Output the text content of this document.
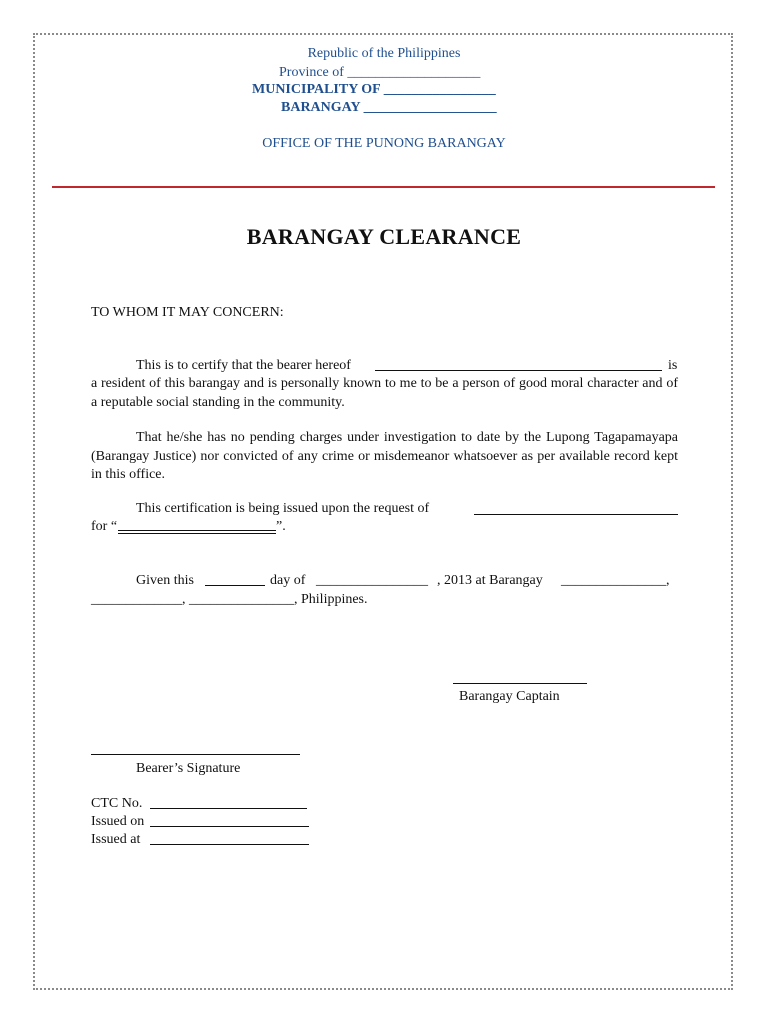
Republic of the Philippines
Province of ___________________
MUNICIPALITY OF ________________
BARANGAY ___________________
OFFICE OF THE PUNONG BARANGAY
BARANGAY CLEARANCE
TO WHOM IT MAY CONCERN:
This is to certify that the bearer hereof	is
a resident of this barangay and is personally known to me to be a person of good moral character and of a reputable social standing in the community.
That he/she has no pending charges under investigation to date by the Lupong Tagapamayapa (Barangay Justice) nor convicted of any crime or misdemeanor whatsoever as per available record kept in this office.
This certification is being issued upon the request of
for “	”.
Given this	day of ________________ , 2013 at Barangay _______________,
_____________, _______________, Philippines.
Barangay Captain
Bearer’s Signature
CTC No.
Issued on
Issued at
